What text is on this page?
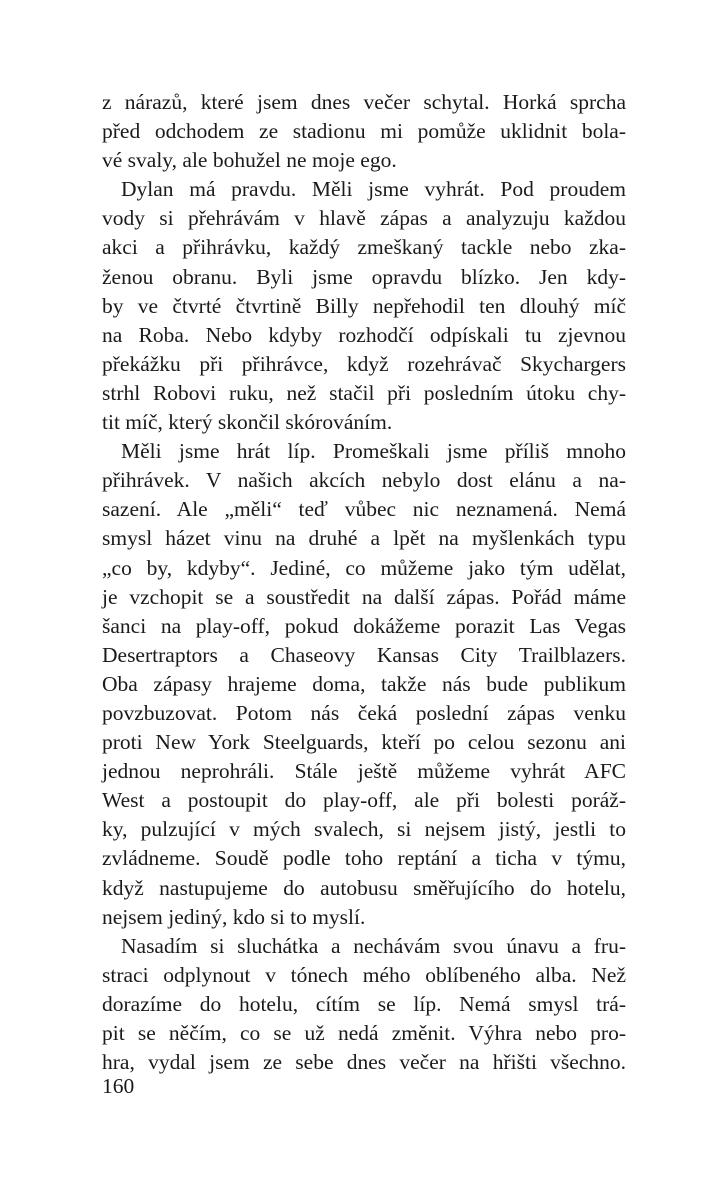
z nárazů, které jsem dnes večer schytal. Horká sprcha
před odchodem ze stadionu mi pomůže uklidnit bola-
vé svaly, ale bohužel ne moje ego.

Dylan má pravdu. Měli jsme vyhrát. Pod proudem
vody si přehrávám v hlavě zápas a analyzuju každou
akci a přihrávku, každý zmeškaný tackle nebo zka-
ženou obranu. Byli jsme opravdu blízko. Jen kdy-
by ve čtvrté čtvrtině Billy nepřehodil ten dlouhý míč
na Roba. Nebo kdyby rozhodčí odpískali tu zjevnou
překážku při přihrávce, když rozehrávač Skychargers
strhl Robovi ruku, než stačil při posledním útoku chy-
tit míč, který skončil skórováním.

Měli jsme hrát líp. Promeškali jsme příliš mnoho
přihrávek. V našich akcích nebylo dost elánu a na-
sazení. Ale „měli“ teď vůbec nic neznamená. Nemá
smysl házet vinu na druhé a lpět na myšlenkách typu
„co by, kdyby“. Jediné, co můžeme jako tým udělat,
je vzchopit se a soustředit na další zápas. Pořád máme
šanci na play-off, pokud dokážeme porazit Las Vegas
Desertraptors a Chaseovy Kansas City Trailblazers.
Oba zápasy hrajeme doma, takže nás bude publikum
povzbuzovat. Potom nás čeká poslední zápas venku
proti New York Steelguards, kteří po celou sezonu ani
jednou neprohráli. Stále ještě můžeme vyhrát AFC
West a postoupit do play-off, ale při bolesti poráž-
ky, pulzující v mých svalech, si nejsem jistý, jestli to
zvládneme. Soudě podle toho reptání a ticha v týmu,
když nastupujeme do autobusu směřujícího do hotelu,
nejsem jediný, kdo si to myslí.

Nasadím si sluchátka a nechávám svou únavu a fru-
straci odplynout v tónech mého oblíbeného alba. Než
dorazíme do hotelu, cítím se líp. Nemá smysl trá-
pit se něčím, co se už nedá změnit. Výhra nebo pro-
hra, vydal jsem ze sebe dnes večer na hřišti všechno.

160
